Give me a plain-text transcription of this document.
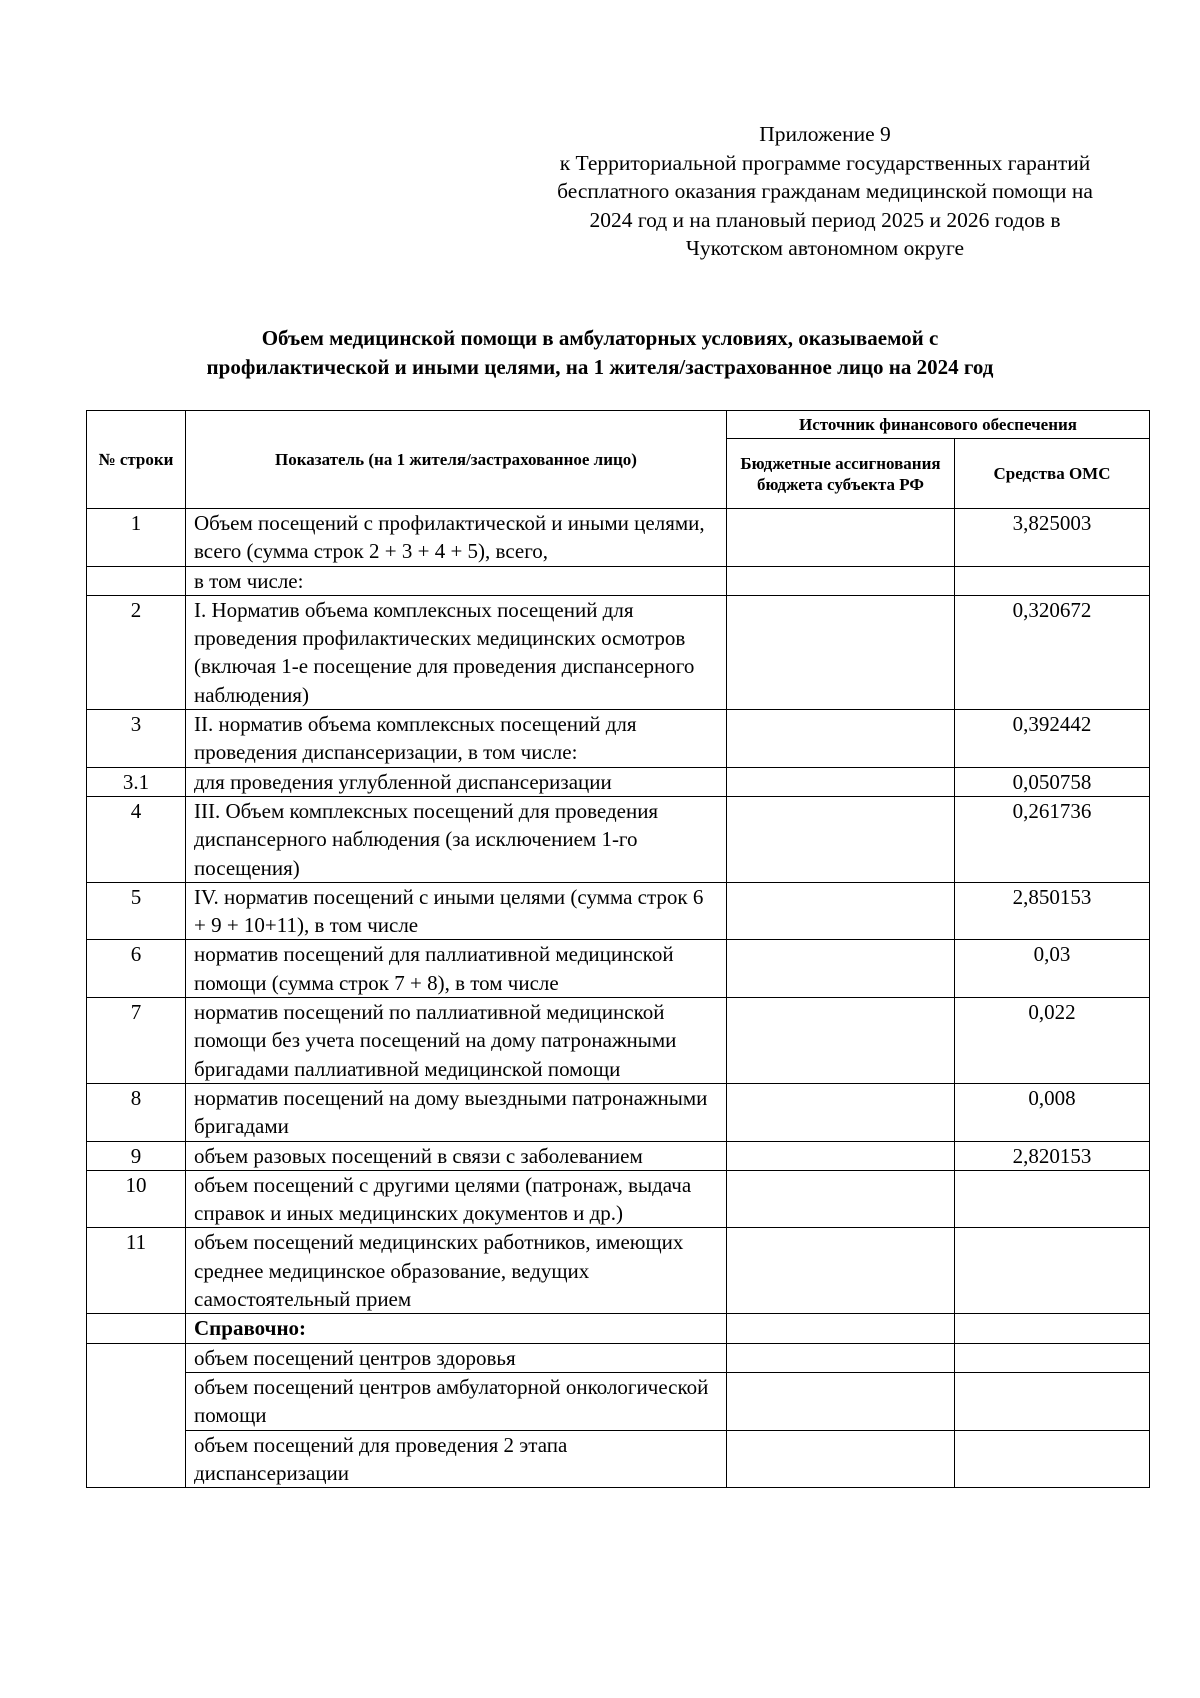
Приложение 9
к Территориальной программе государственных гарантий
бесплатного оказания гражданам медицинской помощи на
2024 год и на плановый период 2025 и 2026 годов в
Чукотском автономном округе
Объем медицинской помощи в амбулаторных условиях, оказываемой с
профилактической и иными целями, на 1 жителя/застрахованное лицо на 2024 год
№ строки	Показатель (на 1 жителя/застрахованное лицо)	Источник финансового обеспечения	
		Бюджетные ассигнования бюджета субъекта РФ	Средства ОМС
1	Объем посещений с профилактической и иными целями, всего (сумма строк 2 + 3 + 4 + 5), всего,		3,825003
	в том числе:		
2	I. Норматив объема комплексных посещений для проведения профилактических медицинских осмотров (включая 1-е посещение для проведения диспансерного наблюдения)		0,320672
3	II. норматив объема комплексных посещений для проведения диспансеризации, в том числе:		0,392442
3.1	для проведения углубленной диспансеризации		0,050758
4	III. Объем комплексных посещений для проведения диспансерного наблюдения (за исключением 1-го посещения)		0,261736
5	IV. норматив посещений с иными целями (сумма строк 6 + 9 + 10+11), в том числе		2,850153
6	норматив посещений для паллиативной медицинской помощи (сумма строк 7 + 8), в том числе		0,03
7	норматив посещений по паллиативной медицинской помощи без учета посещений на дому патронажными бригадами паллиативной медицинской помощи		0,022
8	норматив посещений на дому выездными патронажными бригадами		0,008
9	объем разовых посещений в связи с заболеванием		2,820153
10	объем посещений с другими целями (патронаж, выдача справок и иных медицинских документов и др.)		
11	объем посещений медицинских работников, имеющих среднее медицинское образование, ведущих самостоятельный прием		
	Справочно:		
	объем посещений центров здоровья		
	объем посещений центров амбулаторной онкологической помощи		
	объем посещений для проведения 2 этапа диспансеризации		
